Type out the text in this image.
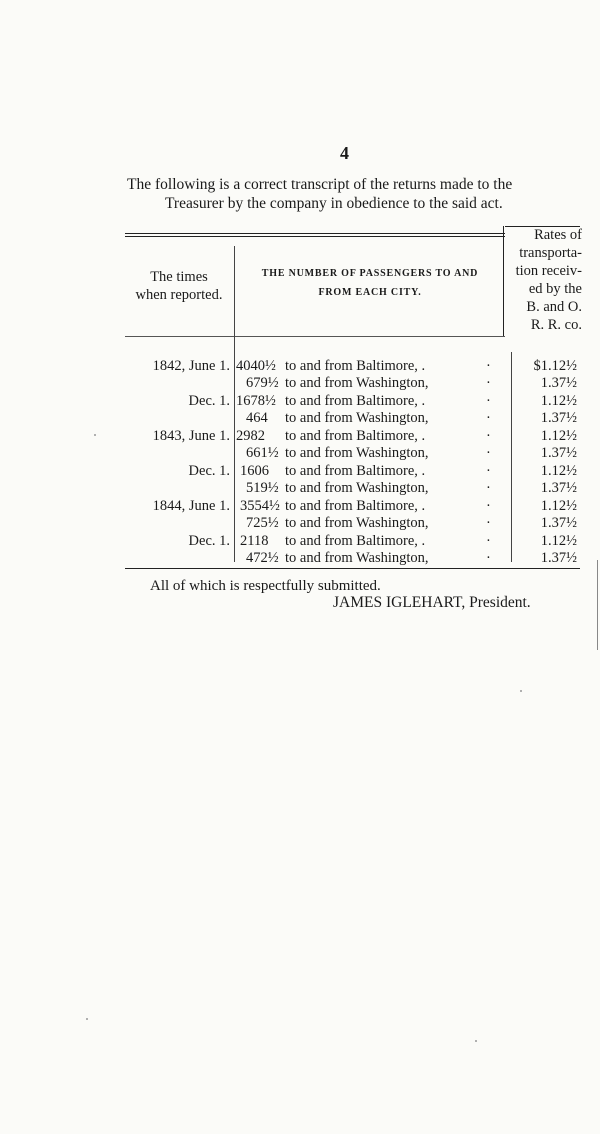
4
The following is a correct transcript of the returns made to the
Treasurer by the company in obedience to the said act.
The times
when reported.
THE NUMBER OF PASSENGERS TO AND
FROM EACH CITY.
Rates of
transporta-
tion receiv-
ed by the
B. and O.
R. R. co.
1842, June 1. 4040½ to and from Baltimore, .	·	$1.12½
679½ to and from Washington,	·	1.37½
Dec. 1. 1678½ to and from Baltimore, .	·	1.12½
464	to and from Washington,	·	1.37½
1843, June 1. 2982	to and from Baltimore, .	·	1.12½
661½ to and from Washington,	·	1.37½
Dec. 1. 1606	to and from Baltimore, .	·	1.12½
519½ to and from Washington,	·	1.37½
1844, June 1. 3554½ to and from Baltimore, .	·	1.12½
725½ to and from Washington,	·	1.37½
Dec. 1. 2118	to and from Baltimore, .	·	1.12½
472½ to and from Washington,	·	1.37½
All of which is respectfully submitted.
JAMES IGLEHART, President.
